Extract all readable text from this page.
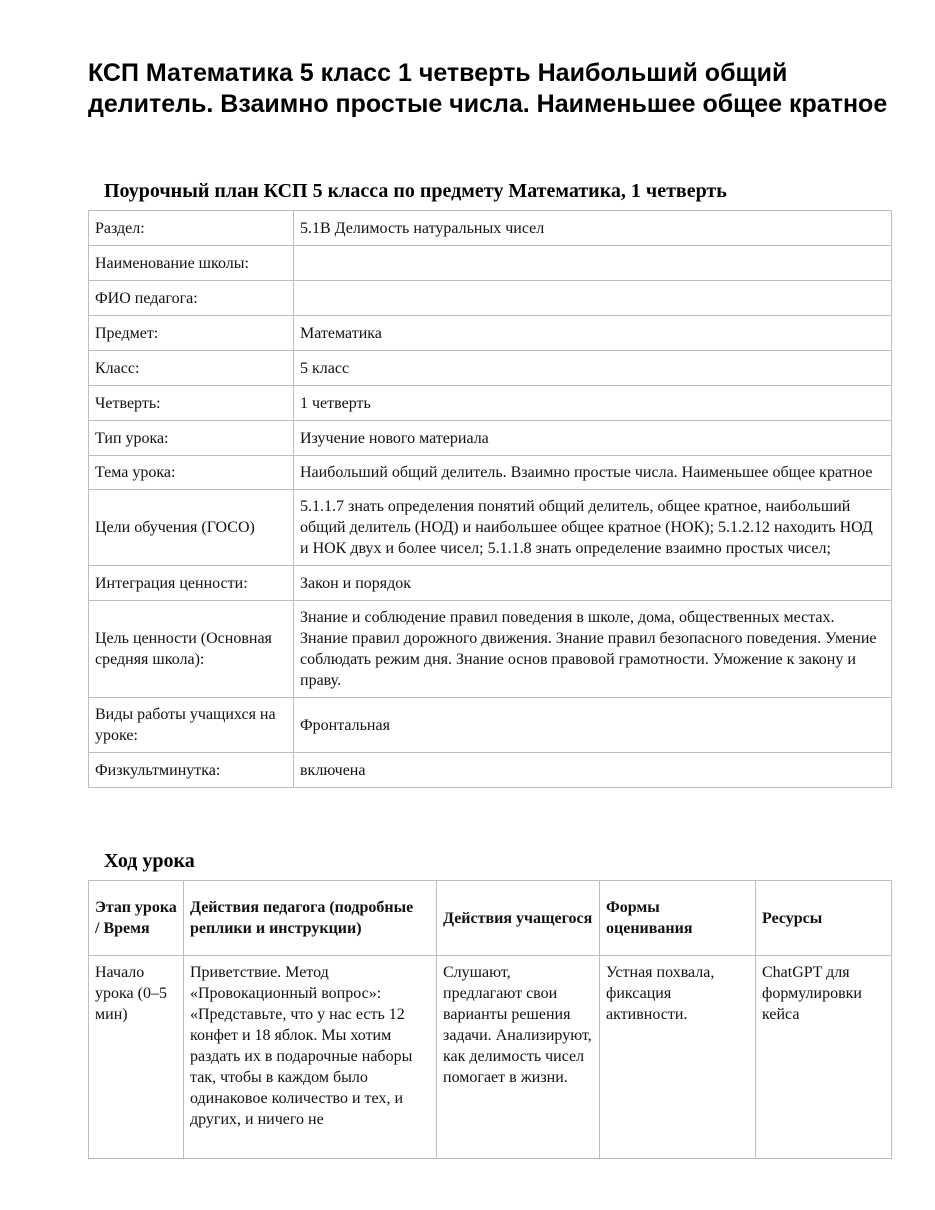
КСП Математика 5 класс 1 четверть Наибольший общий делитель. Взаимно простые числа. Наименьшее общее кратное
Поурочный план КСП 5 класса по предмету Математика, 1 четверть
Раздел:	5.1В Делимость натуральных чисел
Наименование школы:	
ФИО педагога:	
Предмет:	Математика
Класс:	5 класс
Четверть:	1 четверть
Тип урока:	Изучение нового материала
Тема урока:	Наибольший общий делитель. Взаимно простые числа. Наименьшее общее кратное
Цели обучения (ГОСО)	5.1.1.7 знать определения понятий общий делитель, общее кратное, наибольший общий делитель (НОД) и наибольшее общее кратное (НОК); 5.1.2.12 находить НОД и НОК двух и более чисел; 5.1.1.8 знать определение взаимно простых чисел;
Интеграция ценности:	Закон и порядок
Цель ценности (Основная средняя школа):	Знание и соблюдение правил поведения в школе, дома, общественных местах. Знание правил дорожного движения. Знание правил безопасного поведения. Умение соблюдать режим дня. Знание основ правовой грамотности. Уможение к закону и праву.
Виды работы учащихся на уроке:	Фронтальная
Физкультминутка:	включена
Ход урока
Этап урока / Время	Действия педагога (подробные реплики и инструкции)	Действия учащегося	Формы оценивания	Ресурсы
Начало урока (0–5 мин)	Приветствие. Метод «Провокационный вопрос»: «Представьте, что у нас есть 12 конфет и 18 яблок. Мы хотим раздать их в подарочные наборы так, чтобы в каждом было одинаковое количество и тех, и других, и ничего не	Слушают, предлагают свои варианты решения задачи. Анализируют, как делимость чисел помогает в жизни.	Устная похвала, фиксация активности.	ChatGPT для формулировки кейса
